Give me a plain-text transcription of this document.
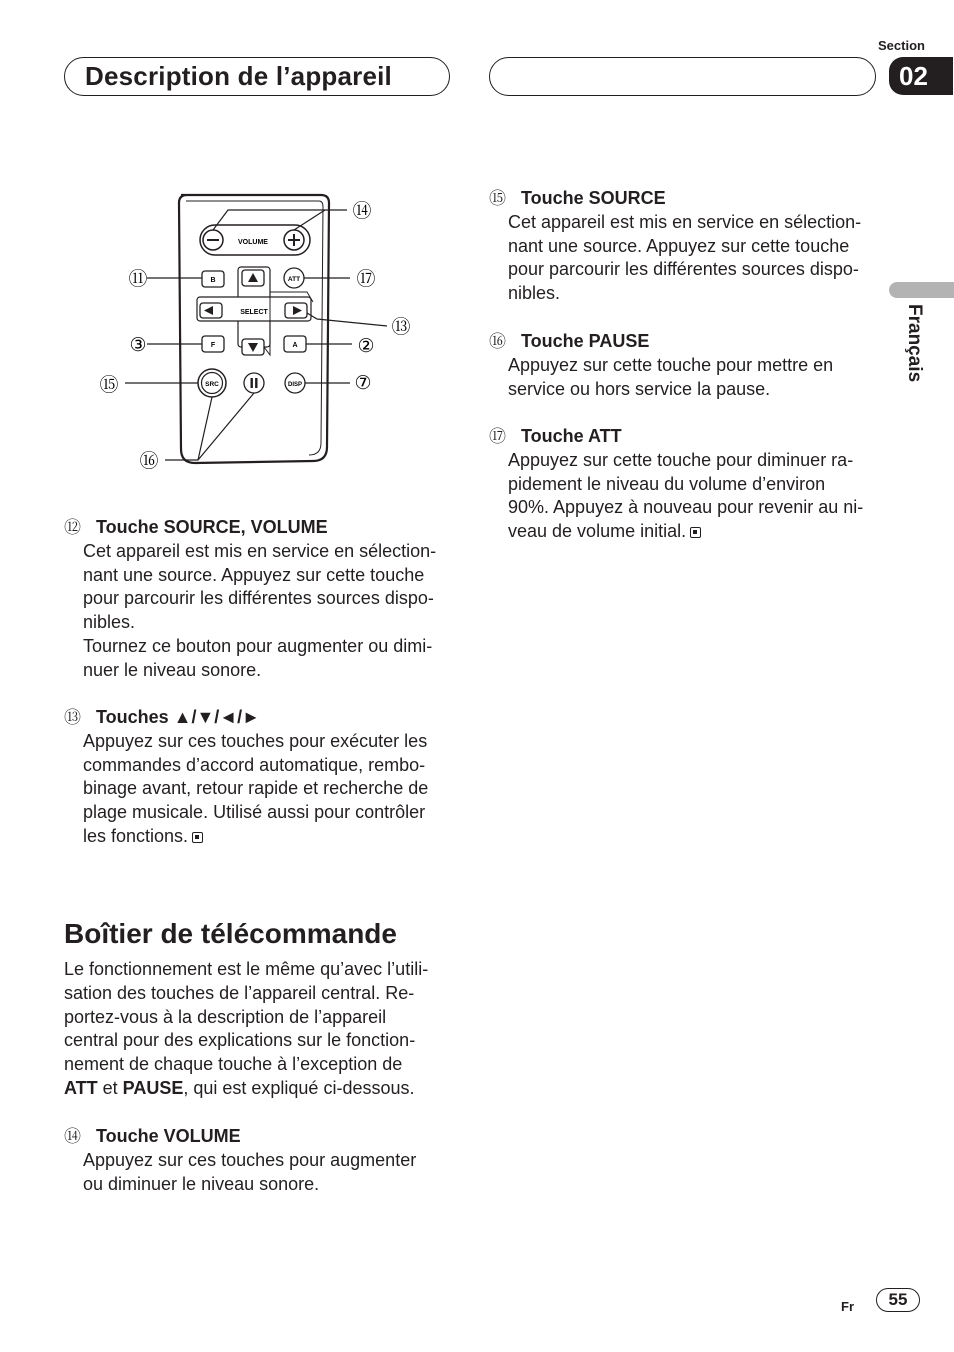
Section
02
Description de l’appareil
Français
VOLUME
SELECT
B	ATT
F	A
SRC	DISP
⑭
⑪	⑰
⑬
③	②
⑮	⑦
⑯
⑫ Touche SOURCE, VOLUME

Cet appareil est mis en service en sélection-

nant une source. Appuyez sur cette touche

pour parcourir les différentes sources dispo-

nibles.

Tournez ce bouton pour augmenter ou dimi-

nuer le niveau sonore.

⑬ Touches ▲/▼/◄/►

Appuyez sur ces touches pour exécuter les

commandes d’accord automatique, rembo-

binage avant, retour rapide et recherche de

plage musicale. Utilisé aussi pour contrôler

les fonctions.

Boîtier de télécommande
Le fonctionnement est le même qu’avec l’utili-
sation des touches de l’appareil central. Re-
portez-vous à la description de l’appareil
central pour des explications sur le fonction-
nement de chaque touche à l’exception de
ATT et PAUSE, qui est expliqué ci-dessous.
⑭ Touche VOLUME

Appuyez sur ces touches pour augmenter

ou diminuer le niveau sonore.

⑮ Touche SOURCE

Cet appareil est mis en service en sélection-

nant une source. Appuyez sur cette touche

pour parcourir les différentes sources dispo-

nibles.

⑯ Touche PAUSE

Appuyez sur cette touche pour mettre en

service ou hors service la pause.

⑰ Touche ATT

Appuyez sur cette touche pour diminuer ra-

pidement le niveau du volume d’environ

90%. Appuyez à nouveau pour revenir au ni-

veau de volume initial.

Fr	55
